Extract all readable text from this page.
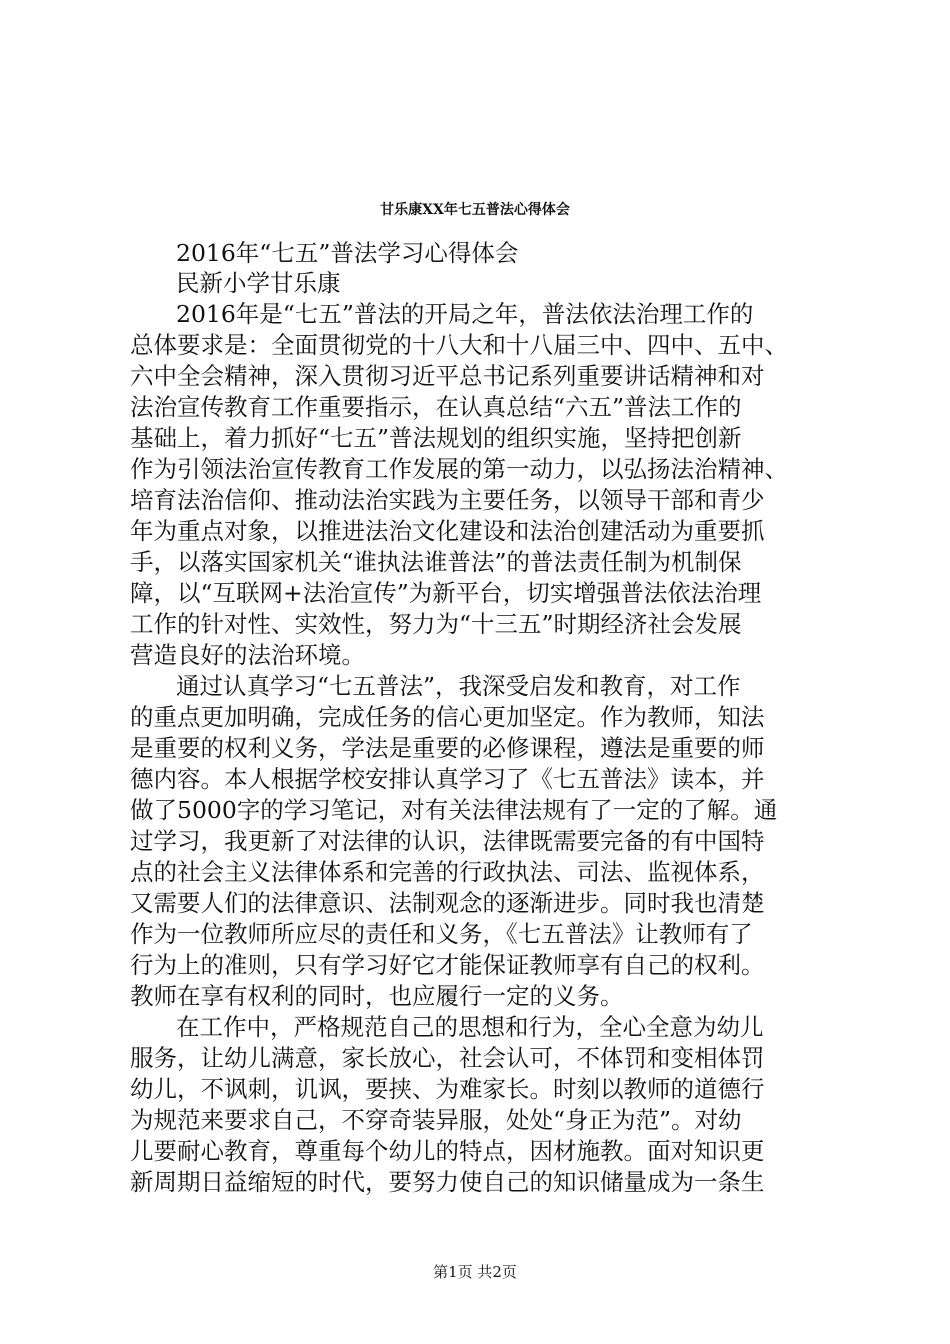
甘乐康XX年七五普法心得体会
2016年“七五”普法学习心得体会
民新小学甘乐康
2016年是“七五”普法的开局之年，普法依法治理工作的
总体要求是：全面贯彻党的十八大和十八届三中、四中、五中、
六中全会精神，深入贯彻习近平总书记系列重要讲话精神和对
法治宣传教育工作重要指示，在认真总结“六五”普法工作的
基础上，着力抓好“七五”普法规划的组织实施，坚持把创新
作为引领法治宣传教育工作发展的第一动力，以弘扬法治精神、
培育法治信仰、推动法治实践为主要任务，以领导干部和青少
年为重点对象，以推进法治文化建设和法治创建活动为重要抓
手，以落实国家机关“谁执法谁普法”的普法责任制为机制保
障，以“互联网+法治宣传”为新平台，切实增强普法依法治理
工作的针对性、实效性，努力为“十三五”时期经济社会发展
营造良好的法治环境。
通过认真学习“七五普法”，我深受启发和教育，对工作
的重点更加明确，完成任务的信心更加坚定。作为教师，知法
是重要的权利义务，学法是重要的必修课程，遵法是重要的师
德内容。本人根据学校安排认真学习了《七五普法》读本，并
做了5000字的学习笔记，对有关法律法规有了一定的了解。通
过学习，我更新了对法律的认识，法律既需要完备的有中国特
点的社会主义法律体系和完善的行政执法、司法、监视体系，
又需要人们的法律意识、法制观念的逐渐进步。同时我也清楚
作为一位教师所应尽的责任和义务，《七五普法》让教师有了
行为上的准则，只有学习好它才能保证教师享有自己的权利。
教师在享有权利的同时，也应履行一定的义务。
在工作中，严格规范自己的思想和行为，全心全意为幼儿
服务，让幼儿满意，家长放心，社会认可，不体罚和变相体罚
幼儿，不讽刺，讥讽，要挟、为难家长。时刻以教师的道德行
为规范来要求自己，不穿奇装异服，处处“身正为范”。对幼
儿要耐心教育，尊重每个幼儿的特点，因材施教。面对知识更
新周期日益缩短的时代，要努力使自己的知识储量成为一条生
第1页 共2页
